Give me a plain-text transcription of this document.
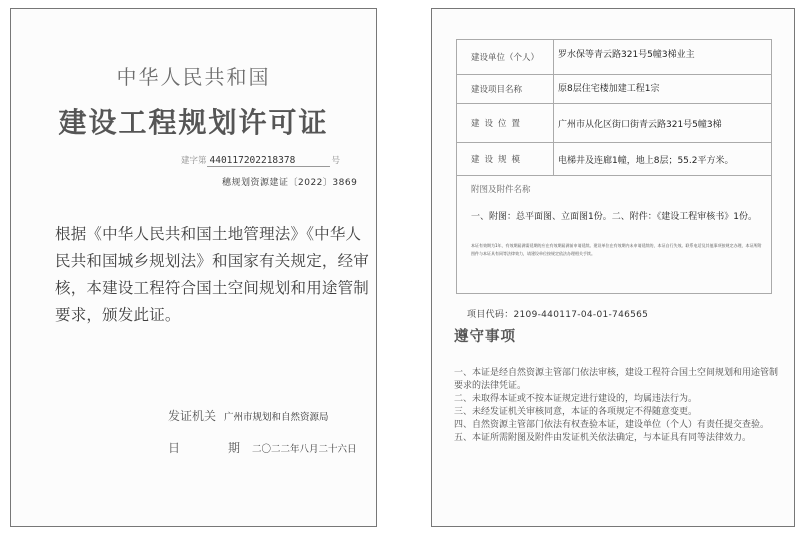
中华人民共和国
建设工程规划许可证
建字第 440117202218378	号
穗规划资源建证〔2022〕3869
根据《中华人民共和国土地管理法》《中华人民共和国城乡规划法》和国家有关规定，经审核，本建设工程符合国土空间规划和用途管制要求，颁发此证。
发证机关 广州市规划和自然资源局
日　期二〇二二年八月二十六日
建设单位（个人）	罗水保等青云路321号5幢3梯业主
建设项目名称	原8层住宅楼加建工程1宗
建设位置	广州市从化区街口街青云路321号5幢3梯
建设规模	电梯井及连廊1幢，地上8层；55.2平方米。
附图及附件名称
一、附图：总平面图、立面图1份。二、附件：《建设工程审核书》1份。
本证有效期为1年，有效期届满需延期的应在有效期届满前申请延续。建设单位在有效期内未申请延续的，本证自行失效。联系电话及其他事项按规定办理，本证所附图件与本证具有同等法律效力，请建设单位按规定依法办理相关手续。
项目代码：2109-440117-04-01-746565
遵守事项
一、本证是经自然资源主管部门依法审核，建设工程符合国土空间规划和用途管制要求的法律凭证。
二、未取得本证或不按本证规定进行建设的，均属违法行为。
三、未经发证机关审核同意，本证的各项规定不得随意变更。
四、自然资源主管部门依法有权查验本证，建设单位（个人）有责任提交查验。
五、本证所需附图及附件由发证机关依法确定，与本证具有同等法律效力。
